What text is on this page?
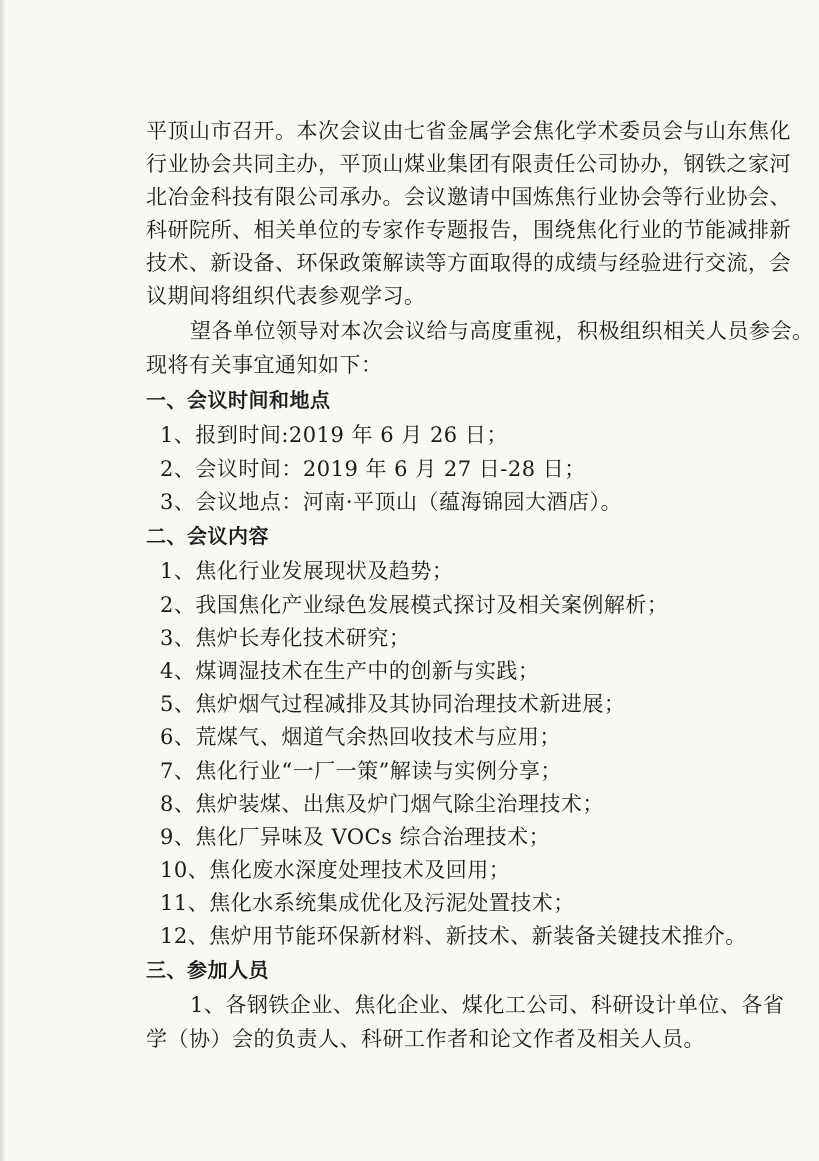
平顶山市召开。本次会议由七省金属学会焦化学术委员会与山东焦化
行业协会共同主办，平顶山煤业集团有限责任公司协办，钢铁之家河
北冶金科技有限公司承办。会议邀请中国炼焦行业协会等行业协会、
科研院所、相关单位的专家作专题报告，围绕焦化行业的节能减排新
技术、新设备、环保政策解读等方面取得的成绩与经验进行交流，会
议期间将组织代表参观学习。
望各单位领导对本次会议给与高度重视，积极组织相关人员参会。
现将有关事宜通知如下：
一、会议时间和地点
1、报到时间:2019 年 6 月 26 日；
2、会议时间：2019 年 6 月 27 日-28 日；
3、会议地点：河南·平顶山（蕴海锦园大酒店）。
二、会议内容
1、焦化行业发展现状及趋势；
2、我国焦化产业绿色发展模式探讨及相关案例解析；
3、焦炉长寿化技术研究；
4、煤调湿技术在生产中的创新与实践；
5、焦炉烟气过程减排及其协同治理技术新进展；
6、荒煤气、烟道气余热回收技术与应用；
7、焦化行业“一厂一策”解读与实例分享；
8、焦炉装煤、出焦及炉门烟气除尘治理技术；
9、焦化厂异味及 VOCs 综合治理技术；
10、焦化废水深度处理技术及回用；
11、焦化水系统集成优化及污泥处置技术；
12、焦炉用节能环保新材料、新技术、新装备关键技术推介。
三、参加人员
1、各钢铁企业、焦化企业、煤化工公司、科研设计单位、各省
学（协）会的负责人、科研工作者和论文作者及相关人员。
